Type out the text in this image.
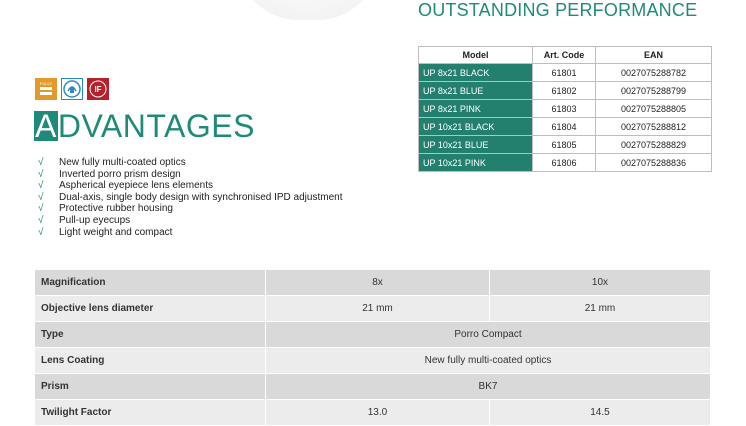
OUTSTANDING PERFORMANCE
Model	Art. Code	EAN
UP 8x21 BLACK	61801	0027075288782
UP 8x21 BLUE	61802	0027075288799
UP 8x21 PINK	61803	0027075288805
UP 10x21 BLACK	61804	0027075288812
UP 10x21 BLUE	61805	0027075288829
UP 10x21 PINK	61806	0027075288836
FULLY
IF
ADVANTAGES
√	New fully multi-coated optics
√	Inverted porro prism design
√	Aspherical eyepiece lens elements
√	Dual-axis, single body design with synchronised IPD adjustment
√	Protective rubber housing
√	Pull-up eyecups
√	Light weight and compact
Magnification	8x	10x
Objective lens diameter	21 mm	21 mm
Type	Porro Compact	
Lens Coating	New fully multi-coated optics	
Prism	BK7	
Twilight Factor	13.0	14.5
